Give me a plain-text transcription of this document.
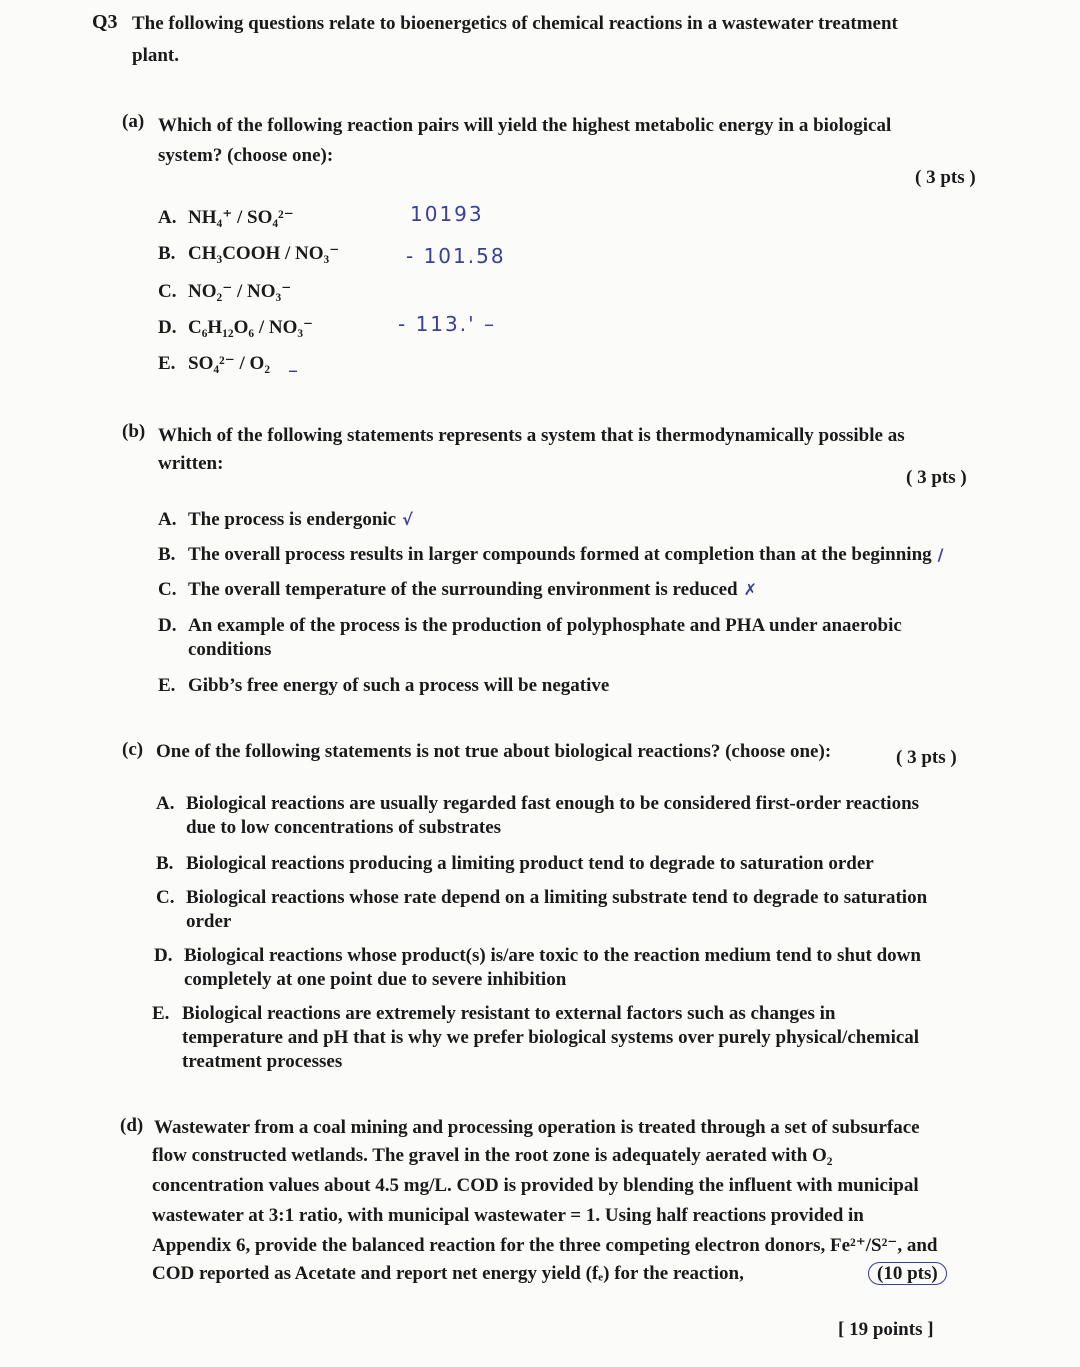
Q3 The following questions relate to bioenergetics of chemical reactions in a wastewater treatment
plant.
(a) Which of the following reaction pairs will yield the highest metabolic energy in a biological
system? (choose one):
( 3 pts )
A. NH₄⁺ / SO₄²⁻
B. CH₃COOH / NO₃⁻
C. NO₂⁻ / NO₃⁻
D. C₆H₁₂O₆ / NO₃⁻
E. SO₄²⁻ / O₂
10193
- 101.58
- 113.' –
–
(b) Which of the following statements represents a system that is thermodynamically possible as
written:
( 3 pts )
A. The process is endergonic √
B. The overall process results in larger compounds formed at completion than at the beginning /
C. The overall temperature of the surrounding environment is reduced ✗
D. An example of the process is the production of polyphosphate and PHA under anaerobic
conditions
E. Gibb’s free energy of such a process will be negative
(c) One of the following statements is not true about biological reactions? (choose one):	( 3 pts )
A. Biological reactions are usually regarded fast enough to be considered first-order reactions
due to low concentrations of substrates
B. Biological reactions producing a limiting product tend to degrade to saturation order
C. Biological reactions whose rate depend on a limiting substrate tend to degrade to saturation
order
D. Biological reactions whose product(s) is/are toxic to the reaction medium tend to shut down
completely at one point due to severe inhibition
E. Biological reactions are extremely resistant to external factors such as changes in
temperature and pH that is why we prefer biological systems over purely physical/chemical
treatment processes
(d) Wastewater from a coal mining and processing operation is treated through a set of subsurface
flow constructed wetlands. The gravel in the root zone is adequately aerated with O₂
concentration values about 4.5 mg/L. COD is provided by blending the influent with municipal
wastewater at 3:1 ratio, with municipal wastewater = 1. Using half reactions provided in
Appendix 6, provide the balanced reaction for the three competing electron donors, Fe²⁺/S²⁻, and
COD reported as Acetate and report net energy yield (fₑ) for the reaction,	(10 pts)
[ 19 points ]
